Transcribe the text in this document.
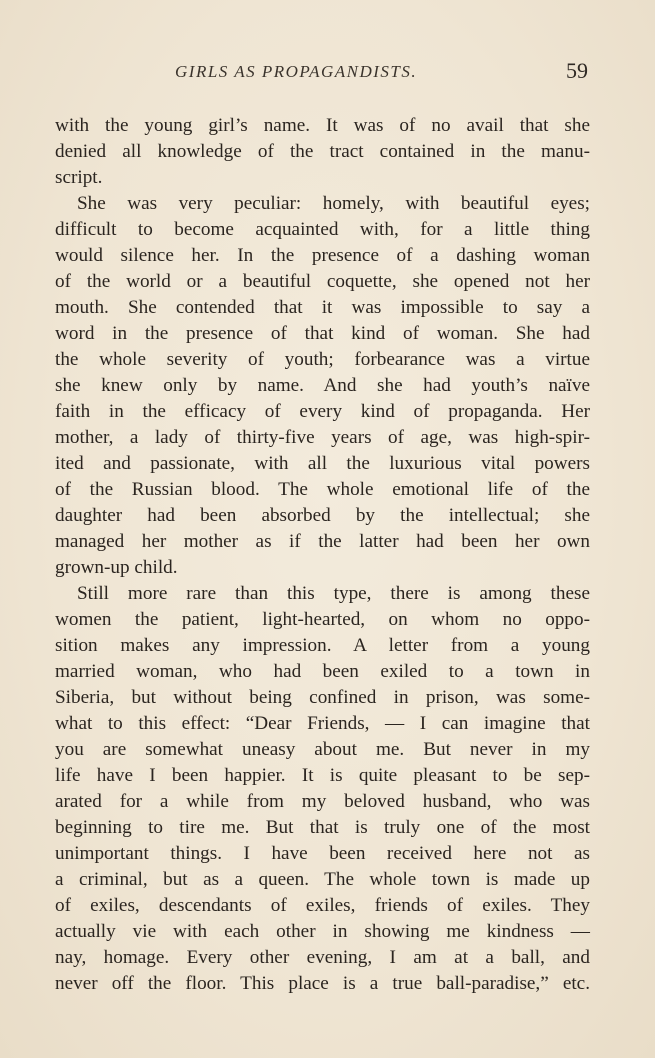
GIRLS AS PROPAGANDISTS.	59
with the young girl’s name. It was of no avail that she
denied all knowledge of the tract contained in the manu-
script.
She was very peculiar: homely, with beautiful eyes;
difficult to become acquainted with, for a little thing
would silence her. In the presence of a dashing woman
of the world or a beautiful coquette, she opened not her
mouth. She contended that it was impossible to say a
word in the presence of that kind of woman. She had
the whole severity of youth; forbearance was a virtue
she knew only by name. And she had youth’s naïve
faith in the efficacy of every kind of propaganda. Her
mother, a lady of thirty-five years of age, was high-spir-
ited and passionate, with all the luxurious vital powers
of the Russian blood. The whole emotional life of the
daughter had been absorbed by the intellectual; she
managed her mother as if the latter had been her own
grown-up child.
Still more rare than this type, there is among these
women the patient, light-hearted, on whom no oppo-
sition makes any impression. A letter from a young
married woman, who had been exiled to a town in
Siberia, but without being confined in prison, was some-
what to this effect: “Dear Friends, — I can imagine that
you are somewhat uneasy about me. But never in my
life have I been happier. It is quite pleasant to be sep-
arated for a while from my beloved husband, who was
beginning to tire me. But that is truly one of the most
unimportant things. I have been received here not as
a criminal, but as a queen. The whole town is made up
of exiles, descendants of exiles, friends of exiles. They
actually vie with each other in showing me kindness —
nay, homage. Every other evening, I am at a ball, and
never off the floor. This place is a true ball-paradise,” etc.
